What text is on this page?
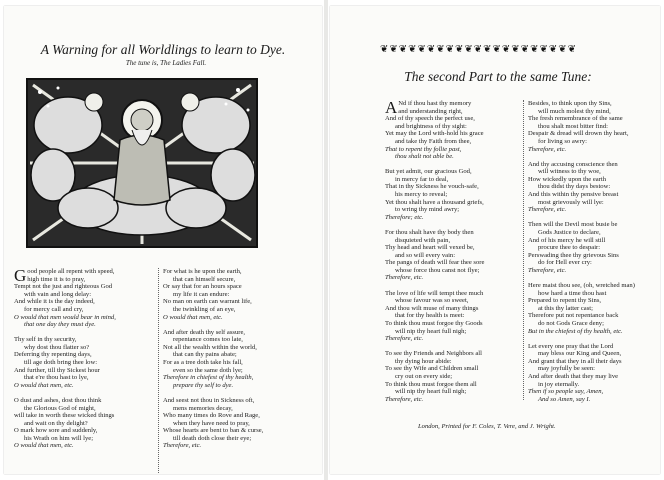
A Warning for all Worldlings to learn to Dye.
The tune is, The Ladies Fall.
G ood people all repent with speed,
high time it is to pray,
Tempt not the just and righteous God
with vain and long delay:
And while it is the day indeed,
for mercy call and cry,
O would that men would bear in mind,
that one day they must dye.
Thy self in thy security,
why dost thou flatter so?
Deferring thy repenting days,
till age doth bring thee low:
And further, till thy Sickest hour
that e're thou hast to lye,
O would that men, etc.
O dust and ashes, dost thou think
the Glorious God of might,
will take in worth these wicked things
and wait on thy delight?
O mark how sore and suddenly,
his Wrath on him will lye;
O would that men, etc.
For what is he upon the earth,
that can himself secure,
Or say that for an hours space
my life it can endure:
No man on earth can warrant life,
the twinkling of an eye,
O would that men, etc.
And after death thy self assure,
repentance comes too late,
Not all the wealth within the world,
that can thy pains abate;
For as a tree doth take his fall,
even so the same doth lye;
Therefore in chiefest of thy health,
prepare thy self to dye.
And seest not thou in Sickness oft,
mens memories decay,
Who many times do Rove and Rage,
when they have need to pray,
Whose hearts are bent to ban & curse,
till death doth close their eye;
Therefore, etc.
❦❦❦❦❦❦❦❦❦❦❦❦❦❦❦❦❦❦❦❦❦
The second Part to the same Tune:
A Nd if thou hast thy memory
and understanding right,
And of thy speech the perfect use,
and brightness of thy sight:
Yet may the Lord with-hold his grace
and take thy Faith from thee,
That to repent thy follie past,
thou shalt not able be.
But yet admit, our gracious God,
in mercy far to deal,
That in thy Sickness he vouch-safe,
his mercy to reveal;
Yet thou shalt have a thousand griefs,
to wring thy mind awry;
Therefore; etc.
For thou shalt have thy body then
disquieted with pain,
Thy head and heart will vexed be,
and so will every vain:
The pangs of death will fear thee sore
whose force thou canst not flye;
Therefore, etc.
The love of life will tempt thee much
whose favour was so sweet,
And thou wilt muse of many things
that for thy health is meet:
To think thou must forgoe thy Goods
will nip thy heart full nigh;
Therefore, etc.
To see thy Friends and Neighbors all
thy dying hour abide:
To see thy Wife and Children small
cry out on every side;
To think thou must forgoe them all
will nip thy heart full nigh;
Therefore, etc.
Besides, to think upon thy Sins,
will much molest thy mind,
The fresh remembrance of the same
thou shalt most bitter find:
Despair & dread will drown thy heart,
for living so awry:
Therefore, etc.
And thy accusing conscience then
will witness to thy woe,
How wickedly upon the earth
thou didst thy days bestow:
And this within thy pensive breast
most grievously will lye:
Therefore, etc.
Then will the Devil most busie be
Gods Justice to declare,
And of his mercy he will still
procure thee to despair:
Perswading thee thy grievous Sins
do for Hell ever cry:
Therefore, etc.
Here maist thou see, (oh, wretched man)
how hard a time thou hast
Prepared to repent thy Sins,
at this thy latter cast;
Therefore put not repentance back
do not Gods Grace deny;
But in the chiefest of thy health, etc.
Let every one pray that the Lord
may bless our King and Queen,
And grant that they in all their days
may joyfully be seen:
And after death that they may live
in joy eternally.
Then if so people say, Amen,
And so Amen, say I.
London, Printed for F. Coles, T. Vere, and J. Wright.
